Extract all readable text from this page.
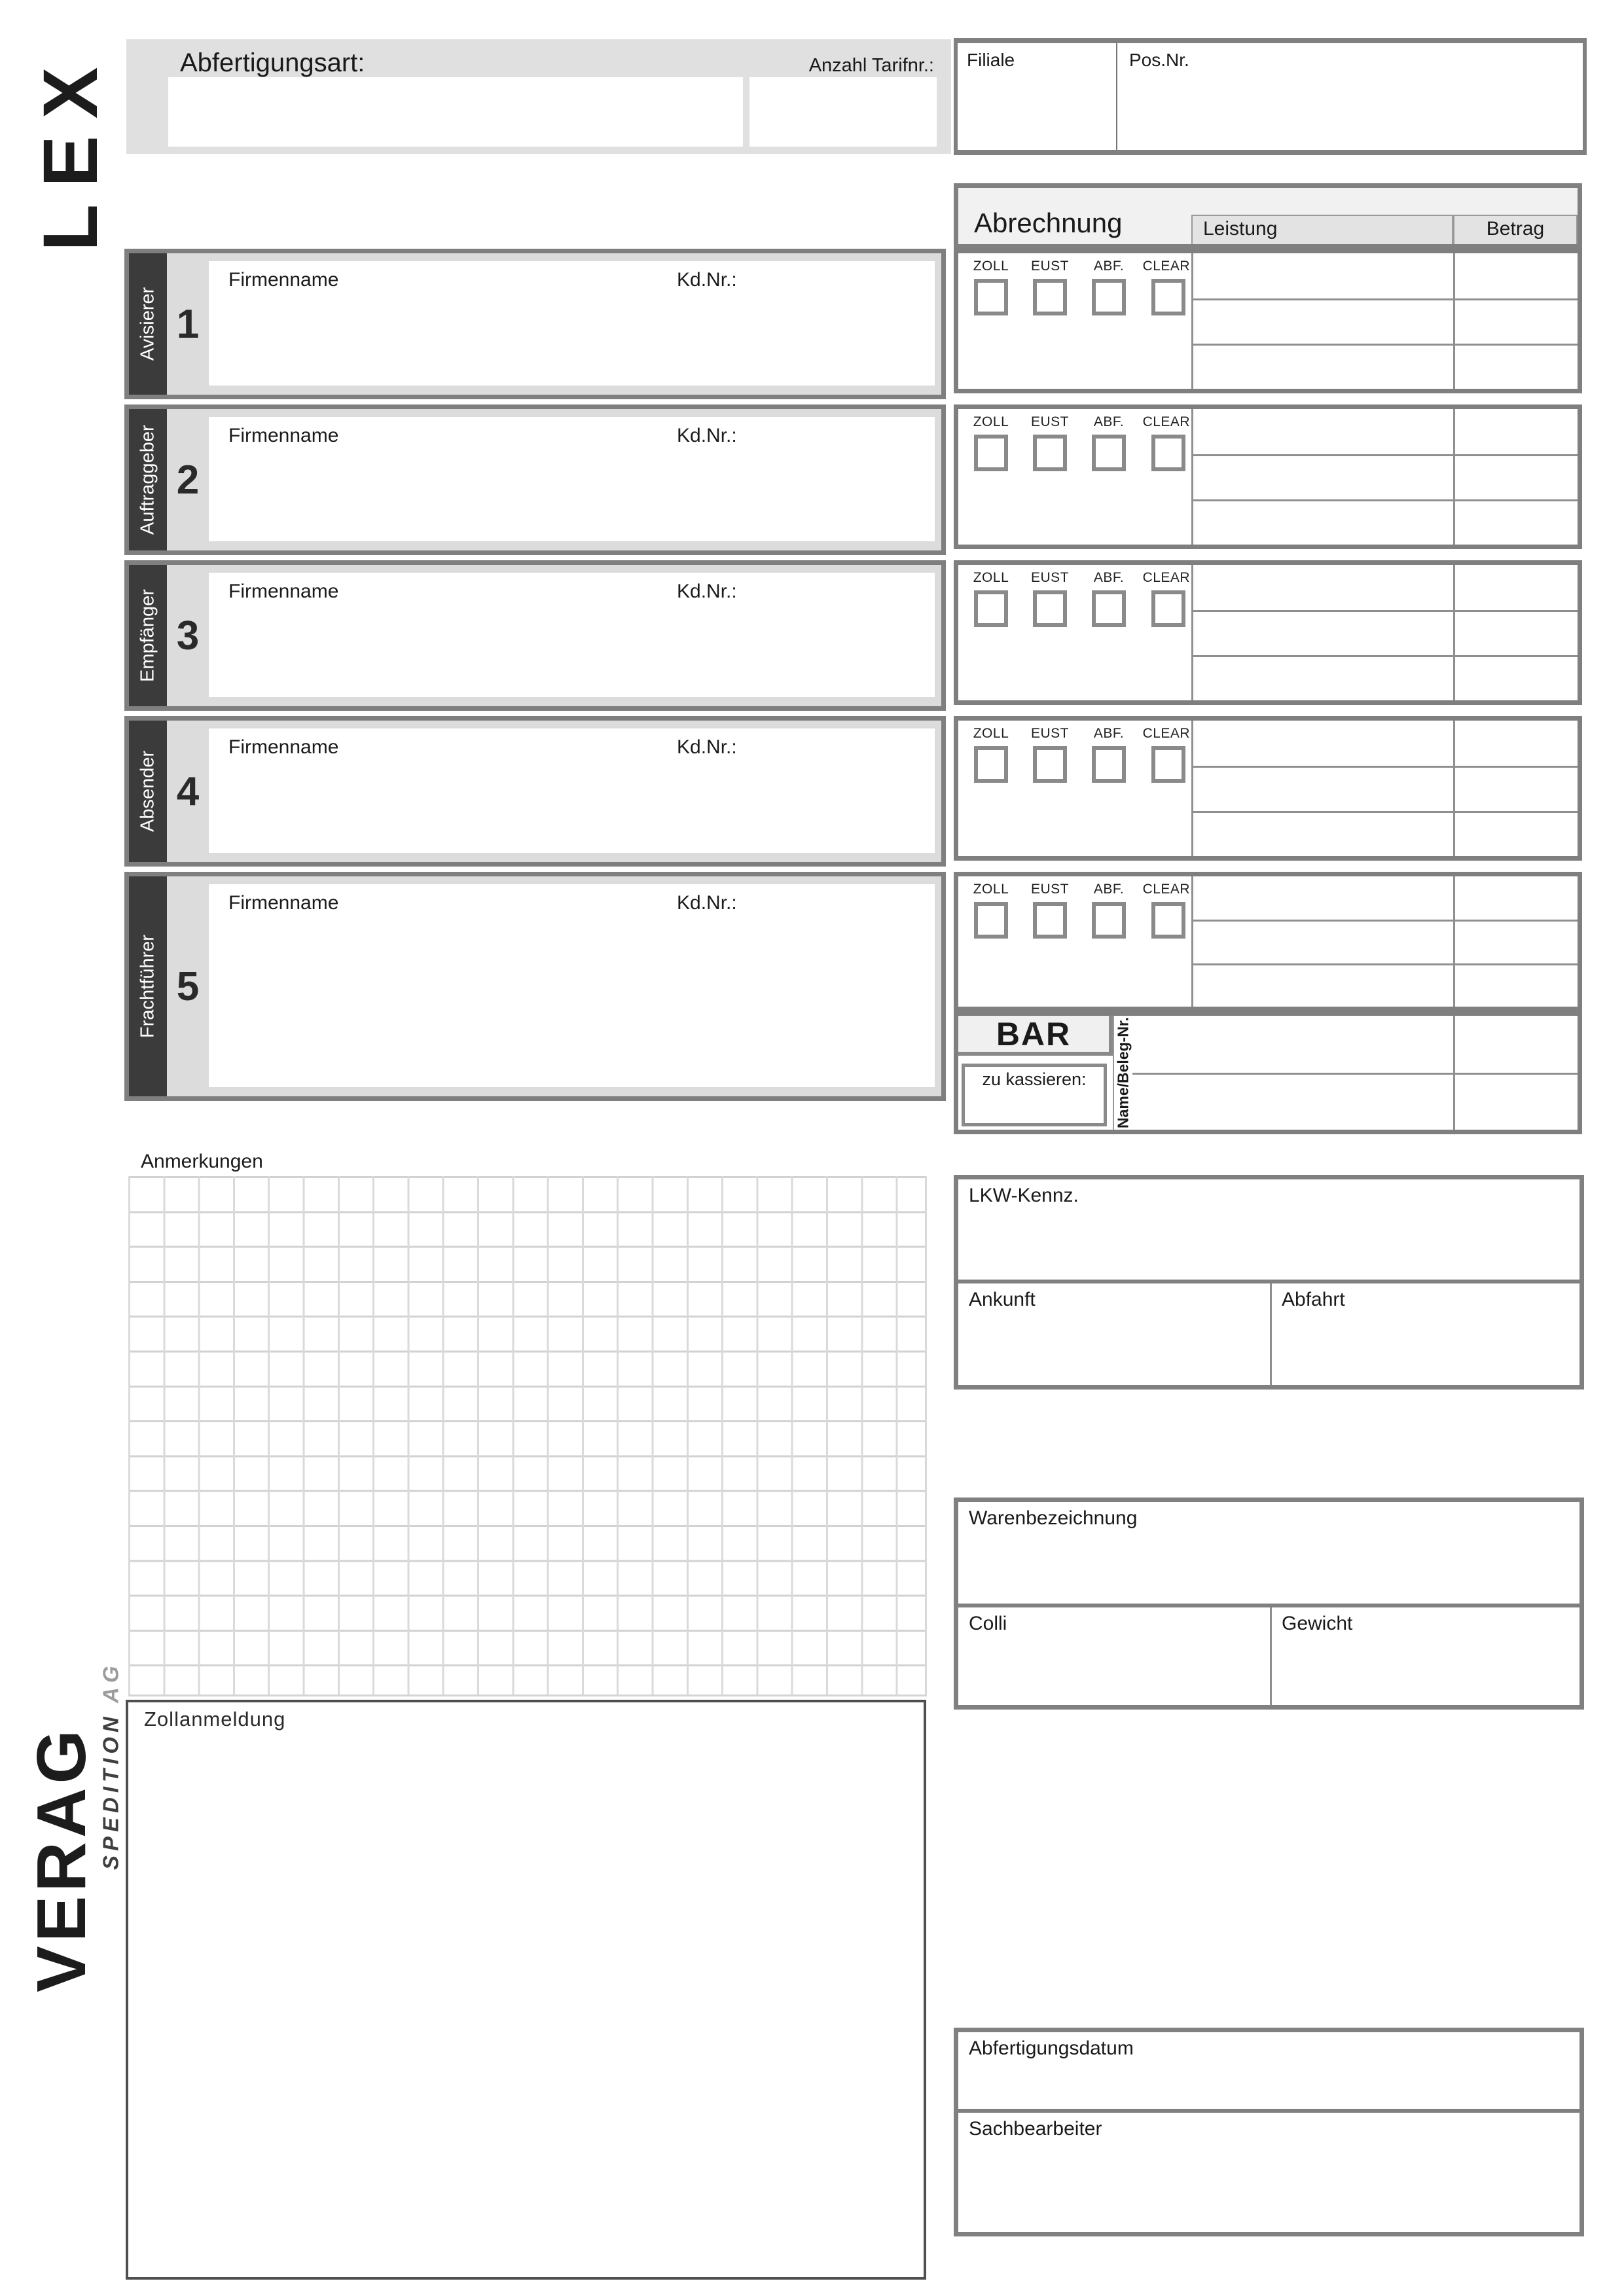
LEX
VERAG
SPEDITION
AG
Abfertigungsart:	Anzahl Tarifnr.: Filiale	Pos.Nr.
Abrechnung	Leistung	Betrag
Avisierer 1
Firmenname	Kd.Nr.:
Auftraggeber 2
Firmenname	Kd.Nr.:
Empfänger 3
Firmenname	Kd.Nr.:
Absender 4
Firmenname	Kd.Nr.:
Frachtführer 5
Firmenname	Kd.Nr.:
ZOLL EUST ABF. CLEAR.
ZOLL EUST ABF. CLEAR.
ZOLL EUST ABF. CLEAR.
ZOLL EUST ABF. CLEAR.
ZOLL EUST ABF. CLEAR.
BAR
zu kassieren:	Name/Beleg-Nr.
Anmerkungen
LKW-Kennz.
Ankunft	Abfahrt
Warenbezeichnung
Colli	Gewicht
Zollanmeldung
Abfertigungsdatum
Sachbearbeiter
